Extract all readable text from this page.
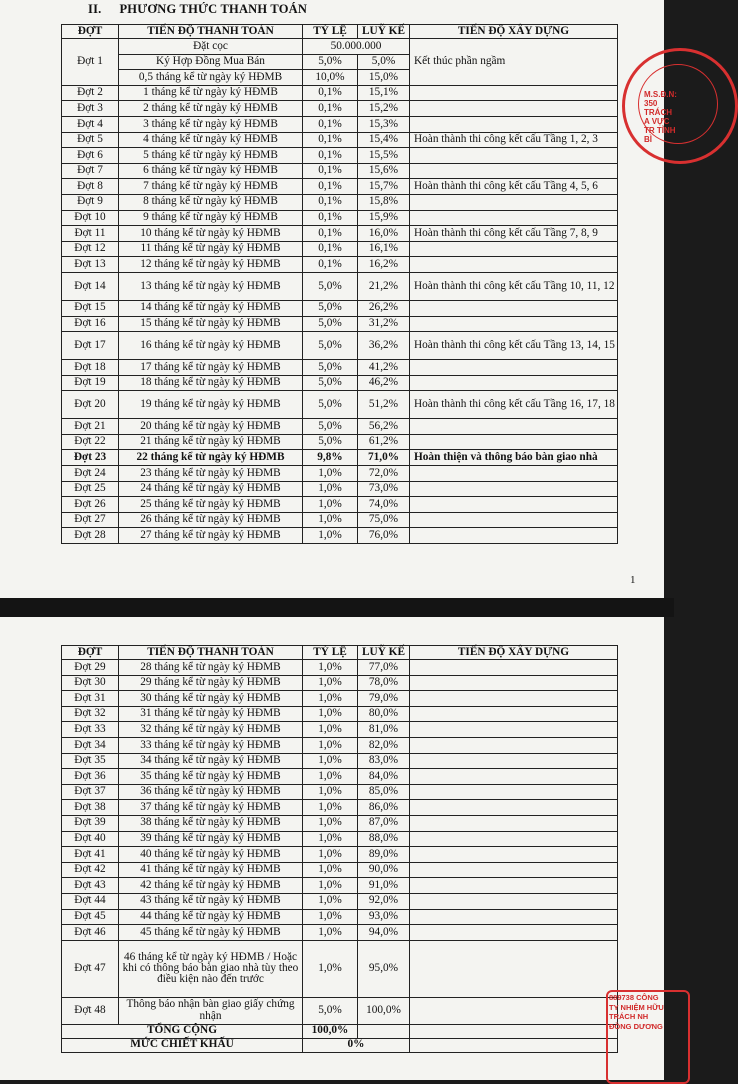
II. PHƯƠNG THỨC THANH TOÁN
ĐỢT	TIẾN ĐỘ THANH TOÁN	TỶ LỆ	LUỸ KẾ	TIẾN ĐỘ XÂY DỰNG
Đợt 1	Đặt cọc	50.000.000		Kết thúc phần ngầm
	Ký Hợp Đồng Mua Bán	5,0%	5,0%	
	0,5 tháng kể từ ngày ký HĐMB	10,0%	15,0%	
Đợt 2	1 tháng kể từ ngày ký HĐMB	0,1%	15,1%	
Đợt 3	2 tháng kể từ ngày ký HĐMB	0,1%	15,2%	
Đợt 4	3 tháng kể từ ngày ký HĐMB	0,1%	15,3%	
Đợt 5	4 tháng kể từ ngày ký HĐMB	0,1%	15,4%	Hoàn thành thi công kết cấu Tầng 1, 2, 3
Đợt 6	5 tháng kể từ ngày ký HĐMB	0,1%	15,5%	
Đợt 7	6 tháng kể từ ngày ký HĐMB	0,1%	15,6%	
Đợt 8	7 tháng kể từ ngày ký HĐMB	0,1%	15,7%	Hoàn thành thi công kết cấu Tầng 4, 5, 6
Đợt 9	8 tháng kể từ ngày ký HĐMB	0,1%	15,8%	
Đợt 10	9 tháng kể từ ngày ký HĐMB	0,1%	15,9%	
Đợt 11	10 tháng kể từ ngày ký HĐMB	0,1%	16,0%	Hoàn thành thi công kết cấu Tầng 7, 8, 9
Đợt 12	11 tháng kể từ ngày ký HĐMB	0,1%	16,1%	
Đợt 13	12 tháng kể từ ngày ký HĐMB	0,1%	16,2%	
Đợt 14	13 tháng kể từ ngày ký HĐMB	5,0%	21,2%	Hoàn thành thi công kết cấu Tầng 10, 11, 12
Đợt 15	14 tháng kể từ ngày ký HĐMB	5,0%	26,2%	
Đợt 16	15 tháng kể từ ngày ký HĐMB	5,0%	31,2%	
Đợt 17	16 tháng kể từ ngày ký HĐMB	5,0%	36,2%	Hoàn thành thi công kết cấu Tầng 13, 14, 15
Đợt 18	17 tháng kể từ ngày ký HĐMB	5,0%	41,2%	
Đợt 19	18 tháng kể từ ngày ký HĐMB	5,0%	46,2%	
Đợt 20	19 tháng kể từ ngày ký HĐMB	5,0%	51,2%	Hoàn thành thi công kết cấu Tầng 16, 17, 18
Đợt 21	20 tháng kể từ ngày ký HĐMB	5,0%	56,2%	
Đợt 22	21 tháng kể từ ngày ký HĐMB	5,0%	61,2%	
Đợt 23	22 tháng kể từ ngày ký HĐMB	9,8%	71,0%	Hoàn thiện và thông báo bàn giao nhà
Đợt 24	23 tháng kể từ ngày ký HĐMB	1,0%	72,0%	
Đợt 25	24 tháng kể từ ngày ký HĐMB	1,0%	73,0%	
Đợt 26	25 tháng kể từ ngày ký HĐMB	1,0%	74,0%	
Đợt 27	26 tháng kể từ ngày ký HĐMB	1,0%	75,0%	
Đợt 28	27 tháng kể từ ngày ký HĐMB	1,0%	76,0%	
1
M.S.Đ.N: 350 TRÁCH A VỰC TR TỈNH BÌ
ĐỢT	TIẾN ĐỘ THANH TOÁN	TỶ LỆ	LUỸ KẾ	TIẾN ĐỘ XÂY DỰNG
Đợt 29	28 tháng kể từ ngày ký HĐMB	1,0%	77,0%	
Đợt 30	29 tháng kể từ ngày ký HĐMB	1,0%	78,0%	
Đợt 31	30 tháng kể từ ngày ký HĐMB	1,0%	79,0%	
Đợt 32	31 tháng kể từ ngày ký HĐMB	1,0%	80,0%	
Đợt 33	32 tháng kể từ ngày ký HĐMB	1,0%	81,0%	
Đợt 34	33 tháng kể từ ngày ký HĐMB	1,0%	82,0%	
Đợt 35	34 tháng kể từ ngày ký HĐMB	1,0%	83,0%	
Đợt 36	35 tháng kể từ ngày ký HĐMB	1,0%	84,0%	
Đợt 37	36 tháng kể từ ngày ký HĐMB	1,0%	85,0%	
Đợt 38	37 tháng kể từ ngày ký HĐMB	1,0%	86,0%	
Đợt 39	38 tháng kể từ ngày ký HĐMB	1,0%	87,0%	
Đợt 40	39 tháng kể từ ngày ký HĐMB	1,0%	88,0%	
Đợt 41	40 tháng kể từ ngày ký HĐMB	1,0%	89,0%	
Đợt 42	41 tháng kể từ ngày ký HĐMB	1,0%	90,0%	
Đợt 43	42 tháng kể từ ngày ký HĐMB	1,0%	91,0%	
Đợt 44	43 tháng kể từ ngày ký HĐMB	1,0%	92,0%	
Đợt 45	44 tháng kể từ ngày ký HĐMB	1,0%	93,0%	
Đợt 46	45 tháng kể từ ngày ký HĐMB	1,0%	94,0%	
Đợt 47	46 tháng kể từ ngày ký HĐMB / Hoặc khi có thông báo bàn giao nhà tùy theo điều kiện nào đến trước	1,0%	95,0%	
Đợt 48	Thông báo nhận bàn giao giấy chứng nhận	5,0%	100,0%	
TỔNG CỘNG		100,0%		
MỨC CHIẾT KHẤU		0%		
889738 CÔNG TY NHIỆM HỮU TRÁCH NH ĐỒNG DƯƠNG
